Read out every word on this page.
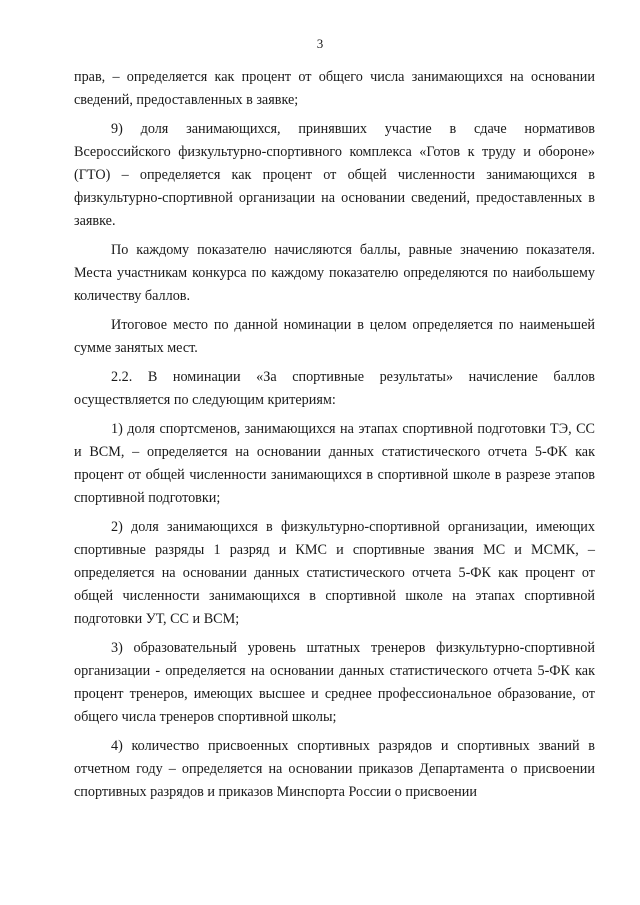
3

прав, – определяется как процент от общего числа занимающихся на основании сведений, предоставленных в заявке;

9) доля занимающихся, принявших участие в сдаче нормативов Всероссийского физкультурно-спортивного комплекса «Готов к труду и обороне» (ГТО) – определяется как процент от общей численности занимающихся в физкультурно-спортивной организации на основании сведений, предоставленных в заявке.

По каждому показателю начисляются баллы, равные значению показателя. Места участникам конкурса по каждому показателю определяются по наибольшему количеству баллов.

Итоговое место по данной номинации в целом определяется по наименьшей сумме занятых мест.

2.2. В номинации «За спортивные результаты» начисление баллов осуществляется по следующим критериям:

1) доля спортсменов, занимающихся на этапах спортивной подготовки ТЭ, СС и ВСМ, – определяется на основании данных статистического отчета 5-ФК как процент от общей численности занимающихся в спортивной школе в разрезе этапов спортивной подготовки;

2) доля занимающихся в физкультурно-спортивной организации, имеющих спортивные разряды 1 разряд и КМС и спортивные звания МС и МСМК, – определяется на основании данных статистического отчета 5-ФК как процент от общей численности занимающихся в спортивной школе на этапах спортивной подготовки УТ, СС и ВСМ;

3) образовательный уровень штатных тренеров физкультурно-спортивной организации - определяется на основании данных статистического отчета 5-ФК как процент тренеров, имеющих высшее и среднее профессиональное образование, от общего числа тренеров спортивной школы;

4) количество присвоенных спортивных разрядов и спортивных званий в отчетном году – определяется на основании приказов Департамента о присвоении спортивных разрядов и приказов Минспорта России о присвоении
